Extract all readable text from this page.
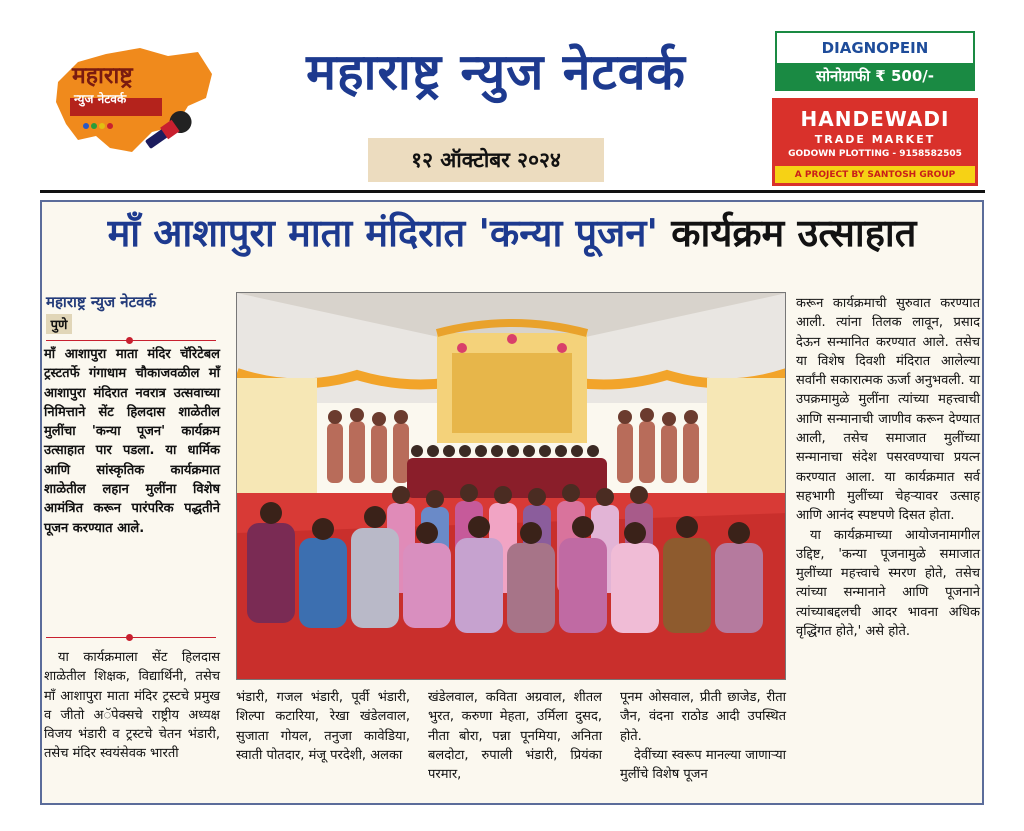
महाराष्ट्र
न्युज नेटवर्क	महाराष्ट्र न्युज नेटवर्क
१२ ऑक्टोबर २०२४
DIAGNOPEIN
सोनोग्राफी ₹ 500/-
HANDEWADI
TRADE MARKET
GODOWN PLOTTING - 9158582505
A PROJECT BY SANTOSH GROUP
माँ आशापुरा माता मंदिरात 'कन्या पूजन' कार्यक्रम उत्साहात
महाराष्ट्र न्युज नेटवर्क
पुणे
माँ आशापुरा माता मंदिर चॅरिटेबल ट्रस्टतर्फे गंगाधाम चौकाजवळील माँ आशापुरा मंदिरात नवरात्र उत्सवाच्या निमित्ताने सेंट हिलदास शाळेतील मुलींचा 'कन्या पूजन' कार्यक्रम उत्साहात पार पडला. या धार्मिक आणि सांस्कृतिक कार्यक्रमात शाळेतील लहान मुलींना विशेष आमंत्रित करून पारंपरिक पद्धतीने पूजन करण्यात आले.

या कार्यक्रमाला सेंट हिलदास शाळेतील शिक्षक, विद्यार्थिनी, तसेच माँ आशापुरा माता मंदिर ट्रस्टचे प्रमुख व जीतो अॅपेक्सचे राष्ट्रीय अध्यक्ष विजय भंडारी व ट्रस्टचे चेतन भंडारी, तसेच मंदिर स्वयंसेवक भारती

भंडारी, गजल भंडारी, पूर्वी भंडारी, शिल्पा कटारिया, रेखा खंडेलवाल, सुजाता गोयल, तनुजा कावेडिया, स्वाती पोतदार, मंजू परदेशी, अलका

खंडेलवाल, कविता अग्रवाल, शीतल भुरत, करुणा मेहता, उर्मिला दुसद, नीता बोरा, पन्ना पूनमिया, अनिता बलदोटा, रुपाली भंडारी, प्रियंका परमार,

पूनम ओसवाल, प्रीती छाजेड, रीता जैन, वंदना राठोड आदी उपस्थित होते.

देवींच्या स्वरूप मानल्या जाणाऱ्या मुलींचे विशेष पूजन

करून कार्यक्रमाची सुरुवात करण्यात आली. त्यांना तिलक लावून, प्रसाद देऊन सन्मानित करण्यात आले. तसेच या विशेष दिवशी मंदिरात आलेल्या सर्वांनी सकारात्मक ऊर्जा अनुभवली. या उपक्रमामुळे मुलींना त्यांच्या महत्त्वाची आणि सन्मानाची जाणीव करून देण्यात आली, तसेच समाजात मुलींच्या सन्मानाचा संदेश पसरवण्याचा प्रयत्न करण्यात आला. या कार्यक्रमात सर्व सहभागी मुलींच्या चेहऱ्यावर उत्साह आणि आनंद स्पष्टपणे दिसत होता.

या कार्यक्रमाच्या आयोजनामागील उद्दिष्ट, 'कन्या पूजनामुळे समाजात मुलींच्या महत्त्वाचे स्मरण होते, तसेच त्यांच्या सन्मानाने आणि पूजनाने त्यांच्याबद्दलची आदर भावना अधिक वृद्धिंगत होते,' असे होते.
